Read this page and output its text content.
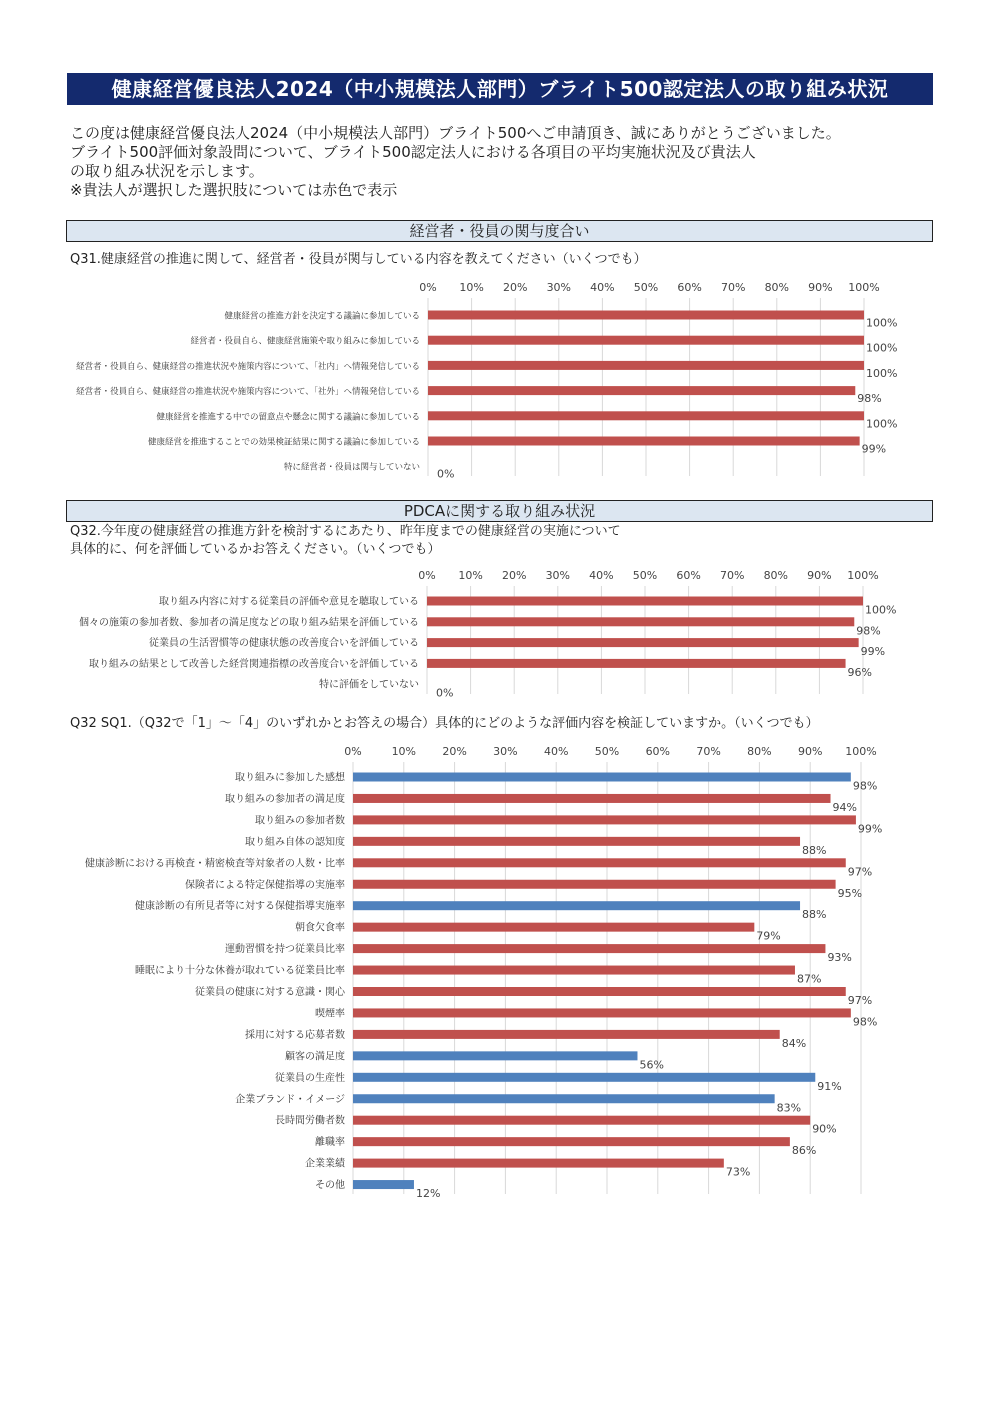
健康経営優良法人2024（中小規模法人部門）ブライト500認定法人の取り組み状況
この度は健康経営優良法人2024（中小規模法人部門）ブライト500へご申請頂き、誠にありがとうございました。
ブライト500評価対象設問について、ブライト500認定法人における各項目の平均実施状況及び貴法人
の取り組み状況を示します。
※貴法人が選択した選択肢については赤色で表示
経営者・役員の関与度合い
Q31.健康経営の推進に関して、経営者・役員が関与している内容を教えてください（いくつでも）
0% 10% 20% 30% 40% 50% 60% 70% 80% 90% 100%
健康経営の推進方針を決定する議論に参加している	100%
経営者・役員自ら、健康経営施策や取り組みに参加している	100%
経営者・役員自ら、健康経営の推進状況や施策内容について、「社内」へ情報発信している	100%
経営者・役員自ら、健康経営の推進状況や施策内容について、「社外」へ情報発信している	98%
健康経営を推進する中での留意点や懸念に関する議論に参加している	100%
健康経営を推進することでの効果検証結果に関する議論に参加している	99%
特に経営者・役員は関与していない 0%
PDCAに関する取り組み状況
Q32.今年度の健康経営の推進方針を検討するにあたり、昨年度までの健康経営の実施について
具体的に、何を評価しているかお答えください。（いくつでも）
0% 10% 20% 30% 40% 50% 60% 70% 80% 90% 100%
取り組み内容に対する従業員の評価や意見を聴取している
100%
個々の施策の参加者数、参加者の満足度などの取り組み結果を評価している
98%
従業員の生活習慣等の健康状態の改善度合いを評価している
99%
取り組みの結果として改善した経営関連指標の改善度合いを評価している
96%
特に評価をしていない
0%
Q32 SQ1.（Q32で「1」～「4」のいずれかとお答えの場合）具体的にどのような評価内容を検証していますか。（いくつでも）
0%	10% 20% 30% 40% 50% 60% 70% 80% 90% 100%
取り組みに参加した感想
98%
取り組みの参加者の満足度
94%
取り組みの参加者数
99%
取り組み自体の認知度
88%
健康診断における再検査・精密検査等対象者の人数・比率
97%
保険者による特定保健指導の実施率
95%
健康診断の有所見者等に対する保健指導実施率
88%
朝食欠食率
79%
運動習慣を持つ従業員比率
93%
睡眠により十分な休養が取れている従業員比率
87%
従業員の健康に対する意識・関心
97%
喫煙率
98%
採用に対する応募者数
84%
顧客の満足度
56%
従業員の生産性
91%
企業ブランド・イメージ
83%
長時間労働者数
90%
離職率
86%
企業業績
73%
その他
12%
